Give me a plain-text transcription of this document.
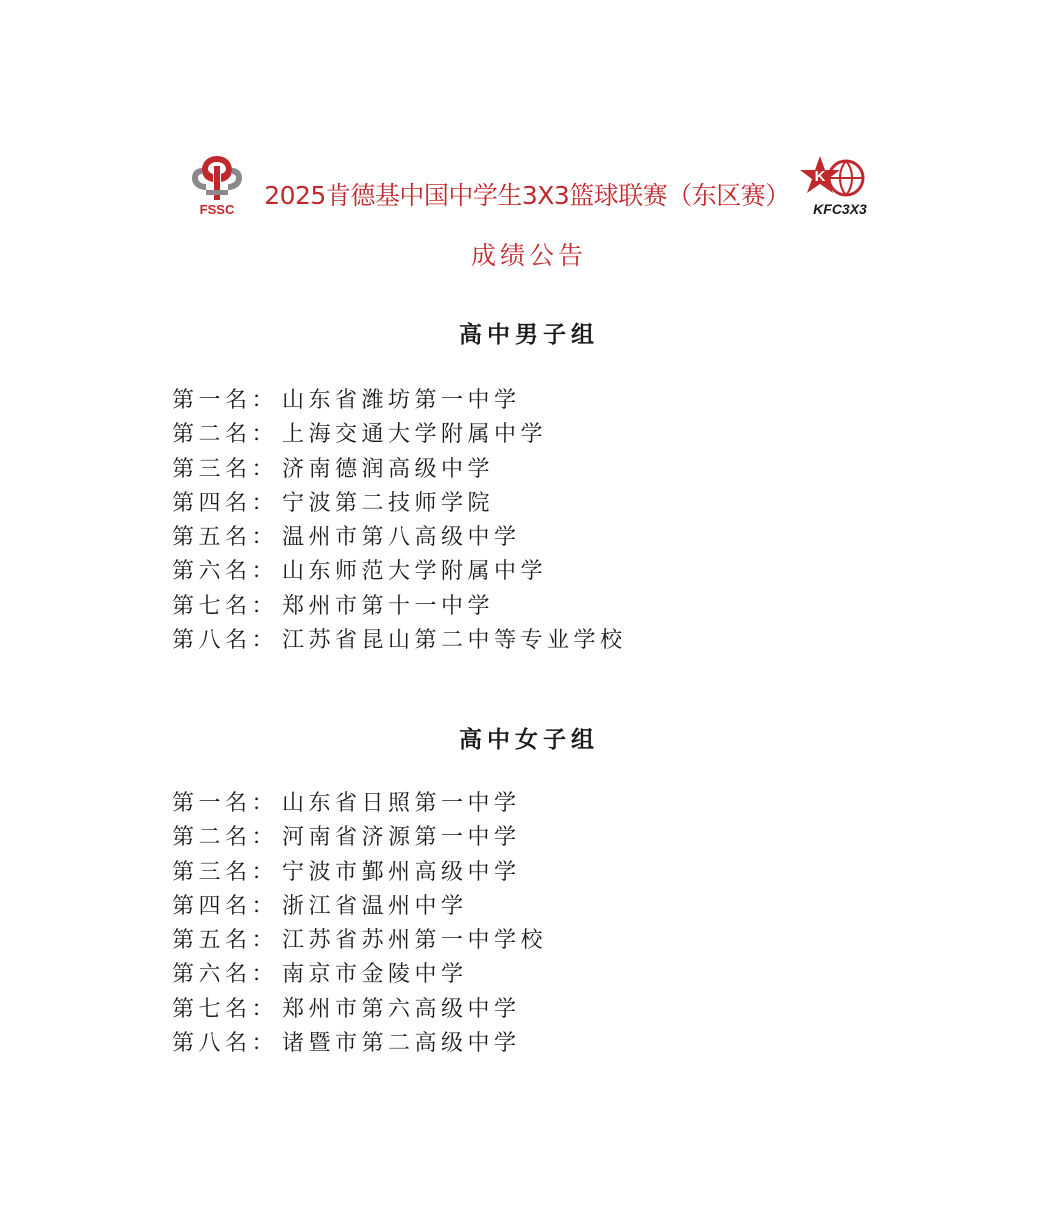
FSSC 2025肯德基中国中学生3X3篮球联赛（东区赛）
K
KFC3X3
成绩公告
高中男子组
第一名： 山东省潍坊第一中学
第二名： 上海交通大学附属中学
第三名： 济南德润高级中学
第四名： 宁波第二技师学院
第五名： 温州市第八高级中学
第六名： 山东师范大学附属中学
第七名： 郑州市第十一中学
第八名： 江苏省昆山第二中等专业学校
高中女子组
第一名： 山东省日照第一中学
第二名： 河南省济源第一中学
第三名： 宁波市鄞州高级中学
第四名： 浙江省温州中学
第五名： 江苏省苏州第一中学校
第六名： 南京市金陵中学
第七名： 郑州市第六高级中学
第八名： 诸暨市第二高级中学
